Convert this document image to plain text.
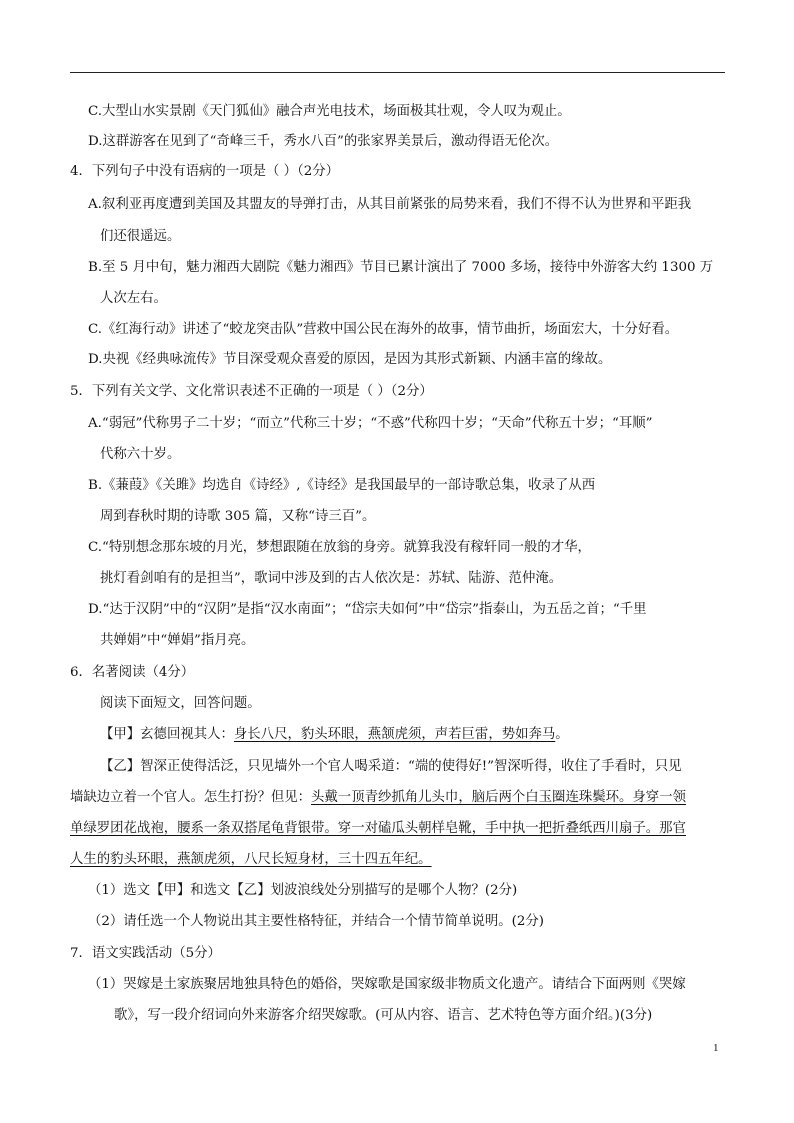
C.大型山水实景剧《天门狐仙》融合声光电技术，场面极其壮观，令人叹为观止。
D.这群游客在见到了“奇峰三千，秀水八百”的张家界美景后，激动得语无伦次。
4．下列句子中没有语病的一项是（ ）（2分）
A.叙利亚再度遭到美国及其盟友的导弹打击，从其目前紧张的局势来看，我们不得不认为世界和平距我
们还很遥远。
B.至 5 月中旬，魅力湘西大剧院《魅力湘西》节目已累计演出了 7000 多场，接待中外游客大约 1300 万
人次左右。
C.《红海行动》讲述了“蛟龙突击队”营救中国公民在海外的故事，情节曲折，场面宏大，十分好看。
D.央视《经典咏流传》节目深受观众喜爱的原因，是因为其形式新颖、内涵丰富的缘故。
5．下列有关文学、文化常识表述不正确的一项是（ ）（2分）
A.“弱冠”代称男子二十岁；“而立”代称三十岁；“不惑”代称四十岁；“天命”代称五十岁；“耳顺”
代称六十岁。
B.《蒹葭》《关雎》均选自《诗经》,《诗经》是我国最早的一部诗歌总集，收录了从西
周到春秋时期的诗歌 305 篇，又称“诗三百”。
C.“特别想念那东坡的月光，梦想跟随在放翁的身旁。就算我没有稼轩同一般的才华，
挑灯看剑咱有的是担当”，歌词中涉及到的古人依次是：苏轼、陆游、范仲淹。
D.“达于汉阴”中的“汉阴”是指“汉水南面”；“岱宗夫如何”中“岱宗”指泰山，为五岳之首；“千里
共婵娟”中“婵娟”指月亮。
6．名著阅读（4分）
阅读下面短文，回答问题。
【甲】玄德回视其人：身长八尺，豹头环眼，燕颔虎须，声若巨雷，势如奔马。
【乙】智深正使得活泛，只见墙外一个官人喝采道：“端的使得好!”智深听得，收住了手看时，只见
墙缺边立着一个官人。怎生打扮？但见：头戴一顶青纱抓角儿头巾，脑后两个白玉圈连珠鬓环。身穿一领
单绿罗团花战袍，腰系一条双搭尾龟背银带。穿一对磕瓜头朝样皂靴，手中执一把折叠纸西川扇子。那官
人生的豹头环眼，燕颔虎须，八尺长短身材，三十四五年纪。
（1）选文【甲】和选文【乙】划波浪线处分别描写的是哪个人物？(2分)
（2）请任选一个人物说出其主要性格特征，并结合一个情节简单说明。(2分)
7．语文实践活动（5分）
（1）哭嫁是土家族聚居地独具特色的婚俗，哭嫁歌是国家级非物质文化遗产。请结合下面两则《哭嫁
歌》，写一段介绍词向外来游客介绍哭嫁歌。(可从内容、语言、艺术特色等方面介绍。)(3分)
1
